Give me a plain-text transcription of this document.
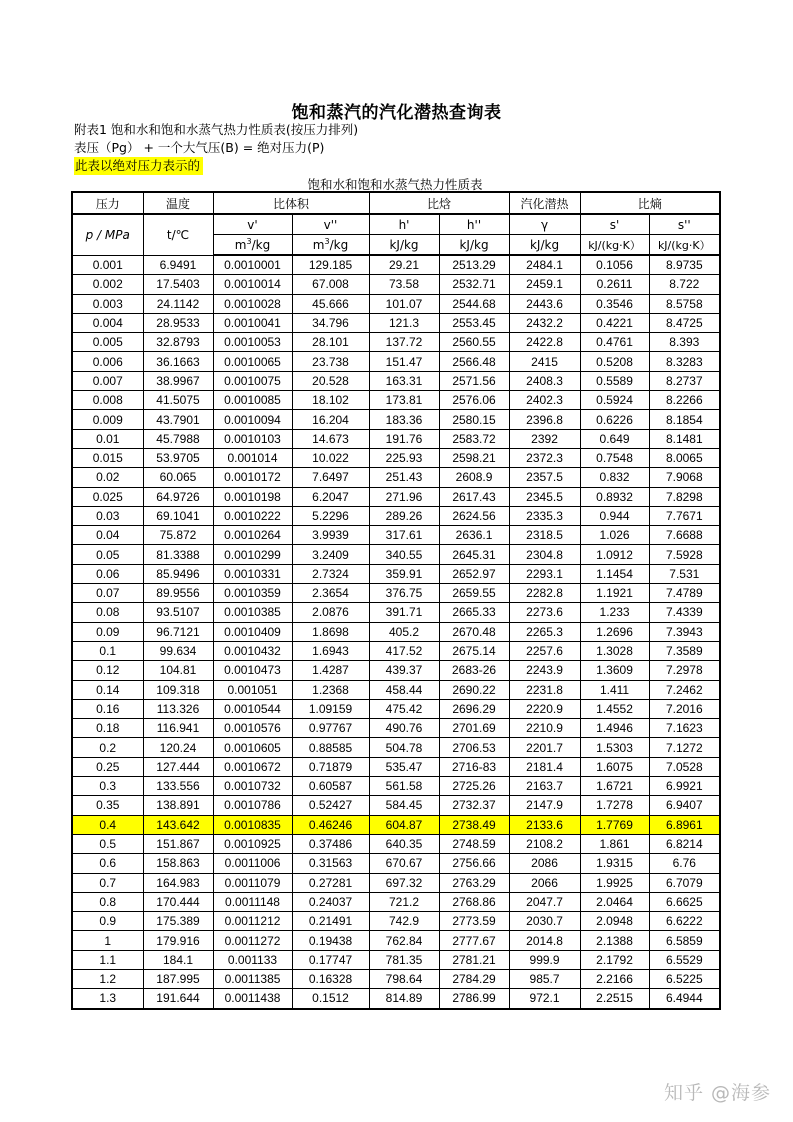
饱和蒸汽的汽化潜热查询表
附表1 饱和水和饱和水蒸气热力性质表(按压力排列)
表压（Pg） + 一个大气压(B) = 绝对压力(P)
此表以绝对压力表示的
饱和水和饱和水蒸气热力性质表
压力	温度	比体积		比焓		汽化潜热	比熵	
p / MPa	t/℃	v'	v''	h'	h''	γ	s'	s''
		$m^3/kg$	$m^3/kg$	kJ/kg	kJ/kg	kJ/kg	kJ/(kg·K）	kJ/(kg·K）
0.001	6.9491	0.0010001	129.185	29.21	2513.29	2484.1	0.1056	8.9735
0.002	17.5403	0.0010014	67.008	73.58	2532.71	2459.1	0.2611	8.722
0.003	24.1142	0.0010028	45.666	101.07	2544.68	2443.6	0.3546	8.5758
0.004	28.9533	0.0010041	34.796	121.3	2553.45	2432.2	0.4221	8.4725
0.005	32.8793	0.0010053	28.101	137.72	2560.55	2422.8	0.4761	8.393
0.006	36.1663	0.0010065	23.738	151.47	2566.48	2415	0.5208	8.3283
0.007	38.9967	0.0010075	20.528	163.31	2571.56	2408.3	0.5589	8.2737
0.008	41.5075	0.0010085	18.102	173.81	2576.06	2402.3	0.5924	8.2266
0.009	43.7901	0.0010094	16.204	183.36	2580.15	2396.8	0.6226	8.1854
0.01	45.7988	0.0010103	14.673	191.76	2583.72	2392	0.649	8.1481
0.015	53.9705	0.001014	10.022	225.93	2598.21	2372.3	0.7548	8.0065
0.02	60.065	0.0010172	7.6497	251.43	2608.9	2357.5	0.832	7.9068
0.025	64.9726	0.0010198	6.2047	271.96	2617.43	2345.5	0.8932	7.8298
0.03	69.1041	0.0010222	5.2296	289.26	2624.56	2335.3	0.944	7.7671
0.04	75.872	0.0010264	3.9939	317.61	2636.1	2318.5	1.026	7.6688
0.05	81.3388	0.0010299	3.2409	340.55	2645.31	2304.8	1.0912	7.5928
0.06	85.9496	0.0010331	2.7324	359.91	2652.97	2293.1	1.1454	7.531
0.07	89.9556	0.0010359	2.3654	376.75	2659.55	2282.8	1.1921	7.4789
0.08	93.5107	0.0010385	2.0876	391.71	2665.33	2273.6	1.233	7.4339
0.09	96.7121	0.0010409	1.8698	405.2	2670.48	2265.3	1.2696	7.3943
0.1	99.634	0.0010432	1.6943	417.52	2675.14	2257.6	1.3028	7.3589
0.12	104.81	0.0010473	1.4287	439.37	2683-26	2243.9	1.3609	7.2978
0.14	109.318	0.001051	1.2368	458.44	2690.22	2231.8	1.411	7.2462
0.16	113.326	0.0010544	1.09159	475.42	2696.29	2220.9	1.4552	7.2016
0.18	116.941	0.0010576	0.97767	490.76	2701.69	2210.9	1.4946	7.1623
0.2	120.24	0.0010605	0.88585	504.78	2706.53	2201.7	1.5303	7.1272
0.25	127.444	0.0010672	0.71879	535.47	2716-83	2181.4	1.6075	7.0528
0.3	133.556	0.0010732	0.60587	561.58	2725.26	2163.7	1.6721	6.9921
0.35	138.891	0.0010786	0.52427	584.45	2732.37	2147.9	1.7278	6.9407
0.4	143.642	0.0010835	0.46246	604.87	2738.49	2133.6	1.7769	6.8961
0.5	151.867	0.0010925	0.37486	640.35	2748.59	2108.2	1.861	6.8214
0.6	158.863	0.0011006	0.31563	670.67	2756.66	2086	1.9315	6.76
0.7	164.983	0.0011079	0.27281	697.32	2763.29	2066	1.9925	6.7079
0.8	170.444	0.0011148	0.24037	721.2	2768.86	2047.7	2.0464	6.6625
0.9	175.389	0.0011212	0.21491	742.9	2773.59	2030.7	2.0948	6.6222
1	179.916	0.0011272	0.19438	762.84	2777.67	2014.8	2.1388	6.5859
1.1	184.1	0.001133	0.17747	781.35	2781.21	999.9	2.1792	6.5529
1.2	187.995	0.0011385	0.16328	798.64	2784.29	985.7	2.2166	6.5225
1.3	191.644	0.0011438	0.1512	814.89	2786.99	972.1	2.2515	6.4944
知乎 @海参
